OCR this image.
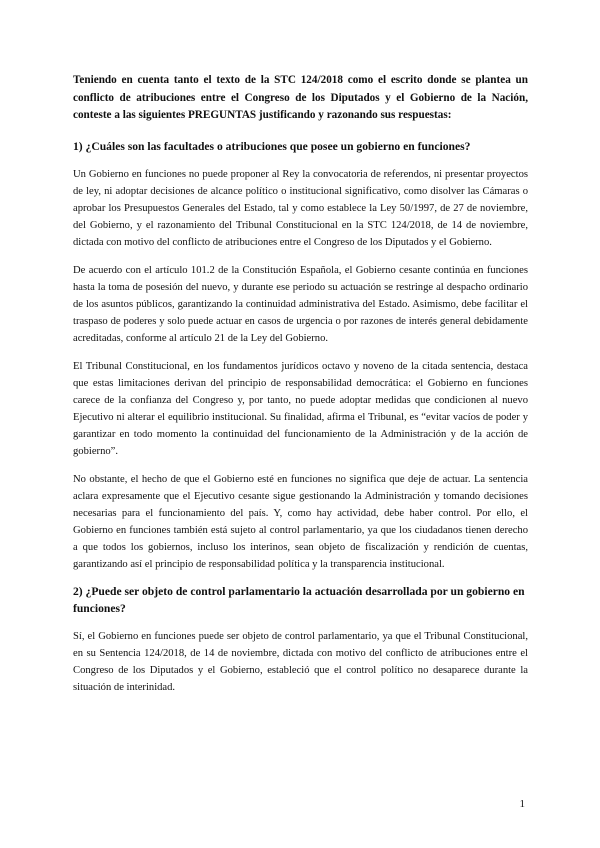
Teniendo en cuenta tanto el texto de la STC 124/2018 como el escrito donde se plantea un conflicto de atribuciones entre el Congreso de los Diputados y el Gobierno de la Nación, conteste a las siguientes PREGUNTAS justificando y razonando sus respuestas:

1) ¿Cuáles son las facultades o atribuciones que posee un gobierno en funciones?

Un Gobierno en funciones no puede proponer al Rey la convocatoria de referendos, ni presentar proyectos de ley, ni adoptar decisiones de alcance político o institucional significativo, como disolver las Cámaras o aprobar los Presupuestos Generales del Estado, tal y como establece la Ley 50/1997, de 27 de noviembre, del Gobierno, y el razonamiento del Tribunal Constitucional en la STC 124/2018, de 14 de noviembre, dictada con motivo del conflicto de atribuciones entre el Congreso de los Diputados y el Gobierno.

De acuerdo con el artículo 101.2 de la Constitución Española, el Gobierno cesante continúa en funciones hasta la toma de posesión del nuevo, y durante ese periodo su actuación se restringe al despacho ordinario de los asuntos públicos, garantizando la continuidad administrativa del Estado. Asimismo, debe facilitar el traspaso de poderes y solo puede actuar en casos de urgencia o por razones de interés general debidamente acreditadas, conforme al artículo 21 de la Ley del Gobierno.

El Tribunal Constitucional, en los fundamentos jurídicos octavo y noveno de la citada sentencia, destaca que estas limitaciones derivan del principio de responsabilidad democrática: el Gobierno en funciones carece de la confianza del Congreso y, por tanto, no puede adoptar medidas que condicionen al nuevo Ejecutivo ni alterar el equilibrio institucional. Su finalidad, afirma el Tribunal, es “evitar vacíos de poder y garantizar en todo momento la continuidad del funcionamiento de la Administración y de la acción de gobierno”.

No obstante, el hecho de que el Gobierno esté en funciones no significa que deje de actuar. La sentencia aclara expresamente que el Ejecutivo cesante sigue gestionando la Administración y tomando decisiones necesarias para el funcionamiento del país. Y, como hay actividad, debe haber control. Por ello, el Gobierno en funciones también está sujeto al control parlamentario, ya que los ciudadanos tienen derecho a que todos los gobiernos, incluso los interinos, sean objeto de fiscalización y rendición de cuentas, garantizando así el principio de responsabilidad política y la transparencia institucional.

2) ¿Puede ser objeto de control parlamentario la actuación desarrollada por un gobierno en funciones?

Sí, el Gobierno en funciones puede ser objeto de control parlamentario, ya que el Tribunal Constitucional, en su Sentencia 124/2018, de 14 de noviembre, dictada con motivo del conflicto de atribuciones entre el Congreso de los Diputados y el Gobierno, estableció que el control político no desaparece durante la situación de interinidad.

1
